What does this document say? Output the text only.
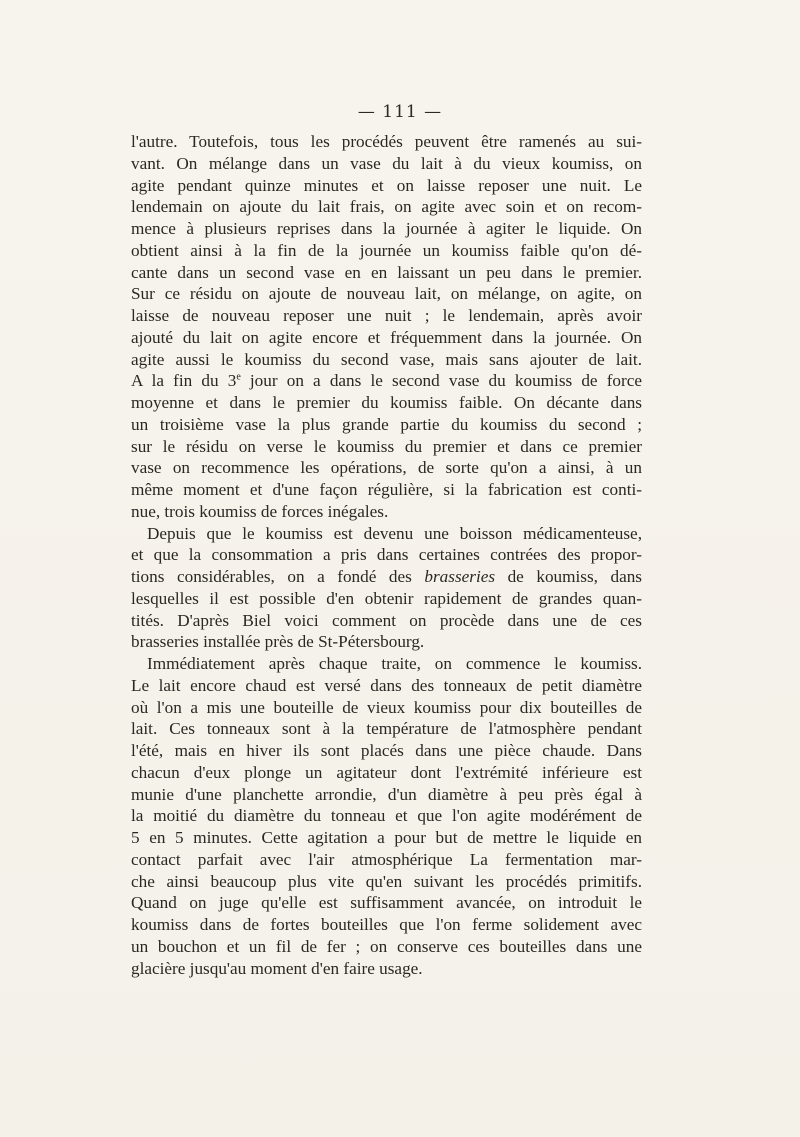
— 111 —
l'autre. Toutefois, tous les procédés peuvent être ramenés au sui-
vant. On mélange dans un vase du lait à du vieux koumiss, on
agite pendant quinze minutes et on laisse reposer une nuit. Le
lendemain on ajoute du lait frais, on agite avec soin et on recom-
mence à plusieurs reprises dans la journée à agiter le liquide. On
obtient ainsi à la fin de la journée un koumiss faible qu'on dé-
cante dans un second vase en en laissant un peu dans le premier.
Sur ce résidu on ajoute de nouveau lait, on mélange, on agite, on
laisse de nouveau reposer une nuit ; le lendemain, après avoir
ajouté du lait on agite encore et fréquemment dans la journée. On
agite aussi le koumiss du second vase, mais sans ajouter de lait.
A la fin du 3e jour on a dans le second vase du koumiss de force
moyenne et dans le premier du koumiss faible. On décante dans
un troisième vase la plus grande partie du koumiss du second ;
sur le résidu on verse le koumiss du premier et dans ce premier
vase on recommence les opérations, de sorte qu'on a ainsi, à un
même moment et d'une façon régulière, si la fabrication est conti-
nue, trois koumiss de forces inégales.
Depuis que le koumiss est devenu une boisson médicamenteuse,
et que la consommation a pris dans certaines contrées des propor-
tions considérables, on a fondé des brasseries de koumiss, dans
lesquelles il est possible d'en obtenir rapidement de grandes quan-
tités. D'après Biel voici comment on procède dans une de ces
brasseries installée près de St-Pétersbourg.
Immédiatement après chaque traite, on commence le koumiss.
Le lait encore chaud est versé dans des tonneaux de petit diamètre
où l'on a mis une bouteille de vieux koumiss pour dix bouteilles de
lait. Ces tonneaux sont à la température de l'atmosphère pendant
l'été, mais en hiver ils sont placés dans une pièce chaude. Dans
chacun d'eux plonge un agitateur dont l'extrémité inférieure est
munie d'une planchette arrondie, d'un diamètre à peu près égal à
la moitié du diamètre du tonneau et que l'on agite modérément de
5 en 5 minutes. Cette agitation a pour but de mettre le liquide en
contact parfait avec l'air atmosphérique La fermentation mar-
che ainsi beaucoup plus vite qu'en suivant les procédés primitifs.
Quand on juge qu'elle est suffisamment avancée, on introduit le
koumiss dans de fortes bouteilles que l'on ferme solidement avec
un bouchon et un fil de fer ; on conserve ces bouteilles dans une
glacière jusqu'au moment d'en faire usage.
